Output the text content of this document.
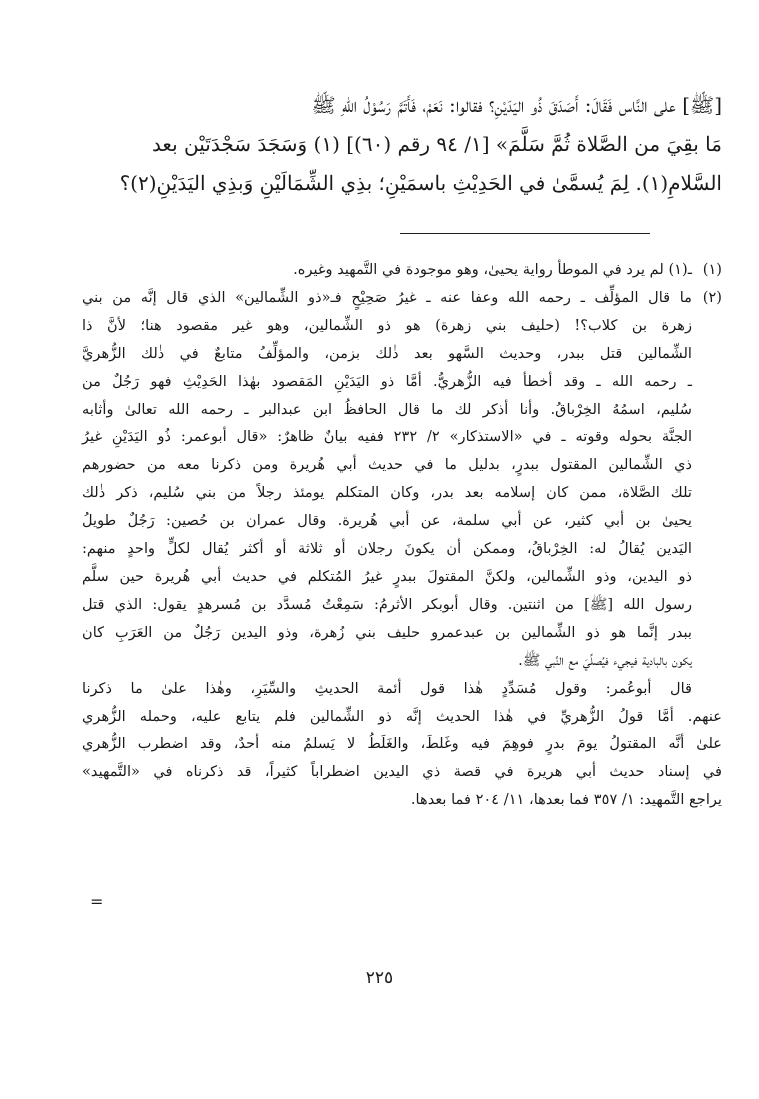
[ﷺ] على النَّاس فَقَالَ: أَصَدَقَ ذُو اليَدَيْنِ؟ فقالوا: نَعَمْ، فَأَتَمَّ رَسُوْلُ اللهِ ﷺ
مَا بقِيَ من الصَّلاة ثُمَّ سَلَّمَ» [١/ ٩٤ رقم (٦٠)] (١) وَسَجَدَ سَجْدَتَيْن بعد
السَّلامِ(١). لِمَ يُسمَّىٰ في الحَدِيْثِ باسمَيْنِ؛ بذِي الشِّمَالَيْنِ وَبذِي اليَدَيْنِ(٢)؟
(١)
ـ(١) لم يرد في الموطأ رواية يحيىٰ، وهو موجودة في التَّمهيد وغيره.
(٢)
ما قال المؤلِّف ـ رحمه الله وعفا عنه ـ غيرُ صَحِيْحٍ فـ«ذو الشِّمالين» الذي قال إنَّه من بني
زهرة بن كلاب؟! (حليف بني زهرة) هو ذو الشِّمالين، وهو غير مقصود هنا؛ لأنَّ ذا
الشِّمالين قتل ببدر، وحديث السَّهو بعد ذٰلك بزمن، والمؤلِّفُ متابعٌ في ذٰلك الزُّهريَّ
ـ رحمه الله ـ وقد أخطأ فيه الزُّهريُّ. أمَّا ذو اليَدَيْنِ المَقصود بهٰذا الحَدِيْثِ فهو رَجُلٌ من
سُليم، اسمُهُ الخِرْباقُ. وأنا أذكر لك ما قال الحافظُ ابن عبدالبر ـ رحمه الله تعالىٰ وأثابه
الجنَّة بحوله وقوته ـ في «الاستذكار» ٢/ ٢٣٢ ففيه بيانٌ ظاهرٌ: «قال أبوعمر: ذُو اليَدَيْنِ غيرُ
ذي الشِّمالين المقتول ببدرٍ، بدليل ما في حديث أبي هُريرة ومن ذكرنا معه من حضورهم
تلك الصَّلاة، ممن كان إسلامه بعد بدر، وكان المتكلم يومئذ رجلاً من بني سُليم، ذكر ذٰلك
يحيىٰ بن أبي كثير، عن أبي سلمة، عن أبي هُريرة. وقال عمران بن حُصين: رَجُلٌ طويلُ
اليَدين يُقالُ له: الخِرْباقُ، وممكن أن يكونَ رجلان أو ثلاثة أو أكثر يُقال لكلٍّ واحدٍ منهم:
ذو اليدين، وذو الشِّمالين، ولكنَّ المقتولَ ببدرٍ غيرُ المُتكلم في حديث أبي هُريرة حين سلَّم
رسول الله [ﷺ] من اثنتين. وقال أبوبكر الأثرمُ: سَمِعْتُ مُسدَّد بن مُسرهدٍ يقول: الذي قتل
ببدر إنَّما هو ذو الشِّمالين بن عبدعمرو حليف بني زُهرة، وذو اليدين رَجُلٌ من العَرَبِ كان
يكون بالبادية فيجيء فيُصلِّيَ مع النَّبي ﷺ.
قال أبوعُمر: وقول مُسَدِّدٍ هٰذا قول أئمة الحديثِ والسِّيَرِ، وهٰذا علىٰ ما ذكرنا
عنهم. أمَّا قولُ الزُّهريِّ في هٰذا الحديث إنَّه ذو الشِّمالين فلم يتابع عليه، وحمله الزُّهري
علىٰ أنَّه المقتولُ يومَ بدرٍ فوهِمَ فيه وغَلطَ، والغَلَطُ لا يَسلمُ منه أحدٌ، وقد اضطرب الزُّهري
في إسناد حديث أبي هريرة في قصة ذي اليدين اضطراباً كثيراً، قد ذكرناه في «التَّمهيد»
يراجع التَّمهيد: ١/ ٣٥٧ فما بعدها، ١١/ ٢٠٤ فما بعدها.
=
٢٢٥
